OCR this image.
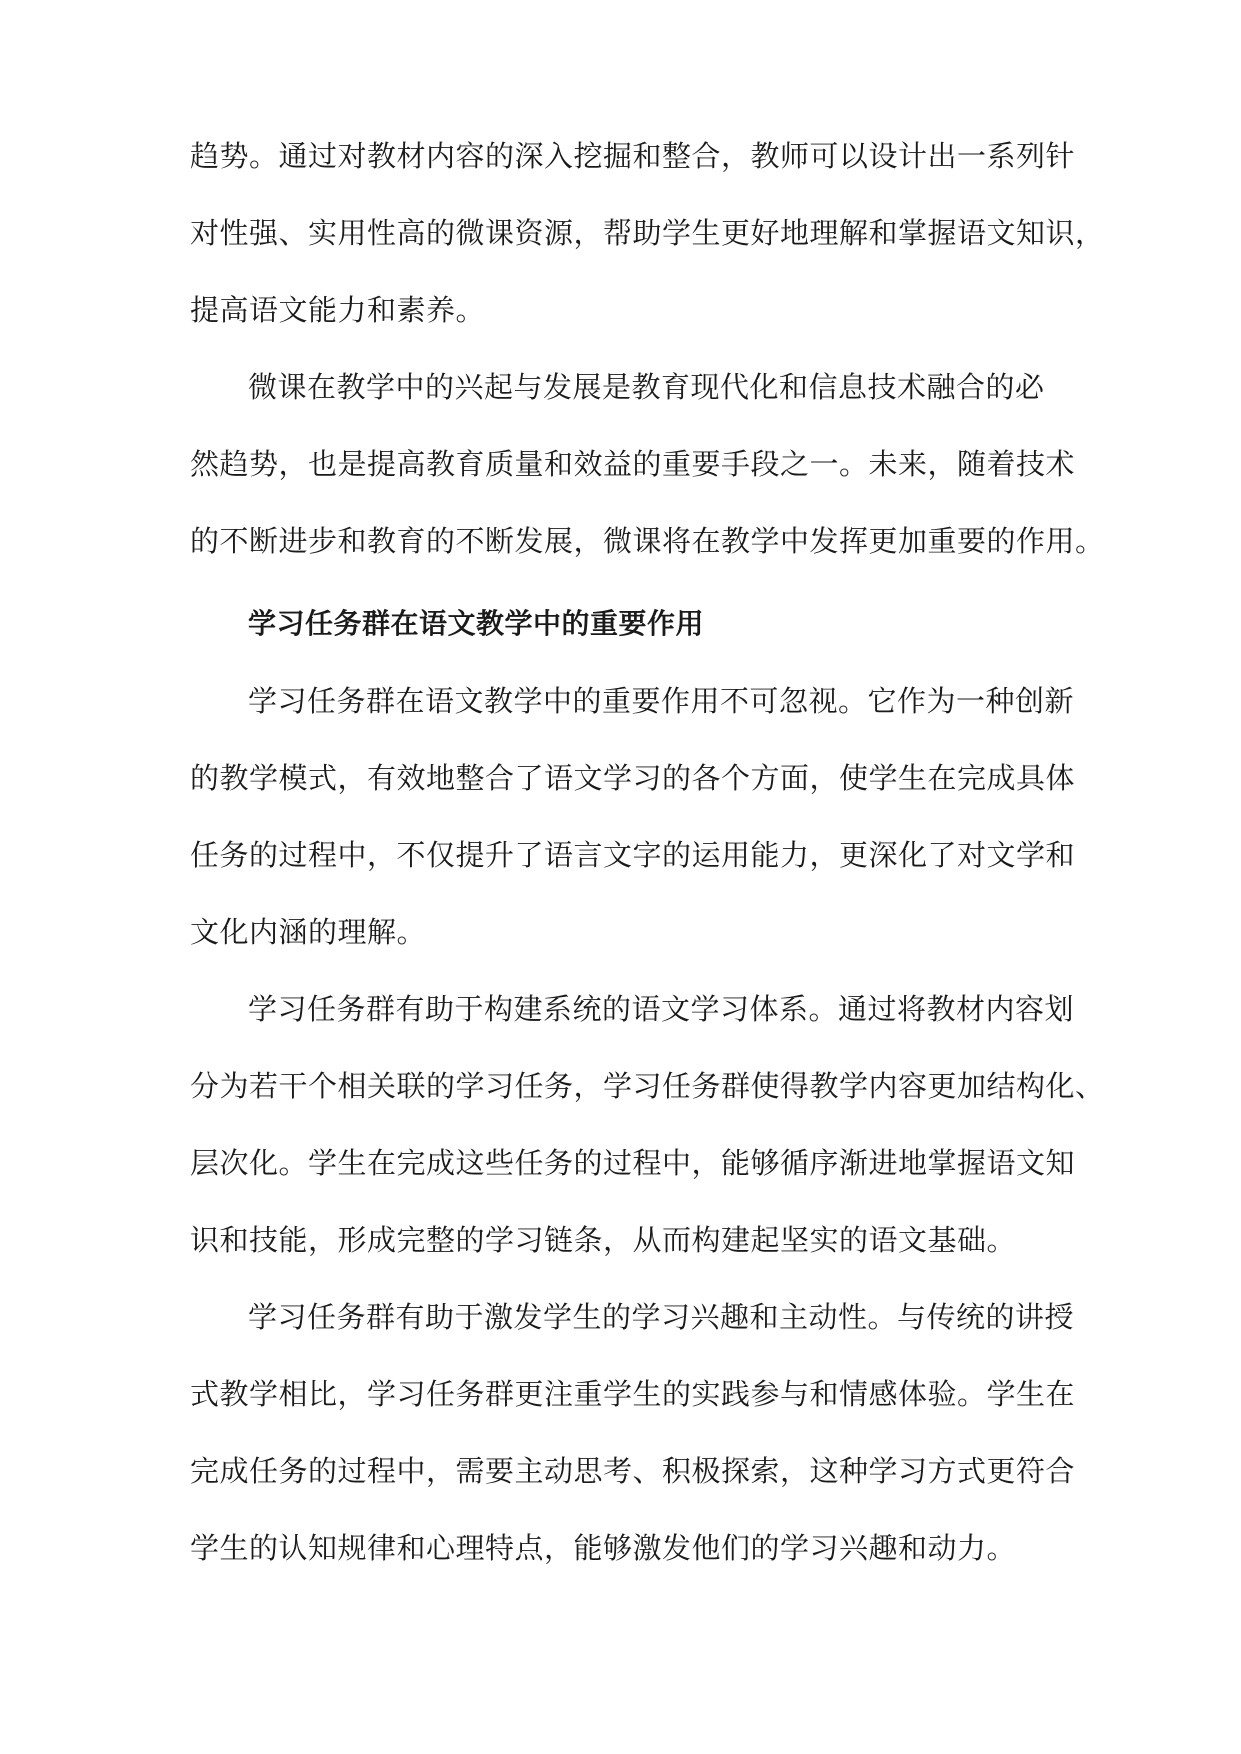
趋势。通过对教材内容的深入挖掘和整合，教师可以设计出一系列针
对性强、实用性高的微课资源，帮助学生更好地理解和掌握语文知识，
提高语文能力和素养。
微课在教学中的兴起与发展是教育现代化和信息技术融合的必
然趋势，也是提高教育质量和效益的重要手段之一。未来，随着技术
的不断进步和教育的不断发展，微课将在教学中发挥更加重要的作用。
学习任务群在语文教学中的重要作用
学习任务群在语文教学中的重要作用不可忽视。它作为一种创新
的教学模式，有效地整合了语文学习的各个方面，使学生在完成具体
任务的过程中，不仅提升了语言文字的运用能力，更深化了对文学和
文化内涵的理解。
学习任务群有助于构建系统的语文学习体系。通过将教材内容划
分为若干个相关联的学习任务，学习任务群使得教学内容更加结构化、
层次化。学生在完成这些任务的过程中，能够循序渐进地掌握语文知
识和技能，形成完整的学习链条，从而构建起坚实的语文基础。
学习任务群有助于激发学生的学习兴趣和主动性。与传统的讲授
式教学相比，学习任务群更注重学生的实践参与和情感体验。学生在
完成任务的过程中，需要主动思考、积极探索，这种学习方式更符合
学生的认知规律和心理特点，能够激发他们的学习兴趣和动力。
